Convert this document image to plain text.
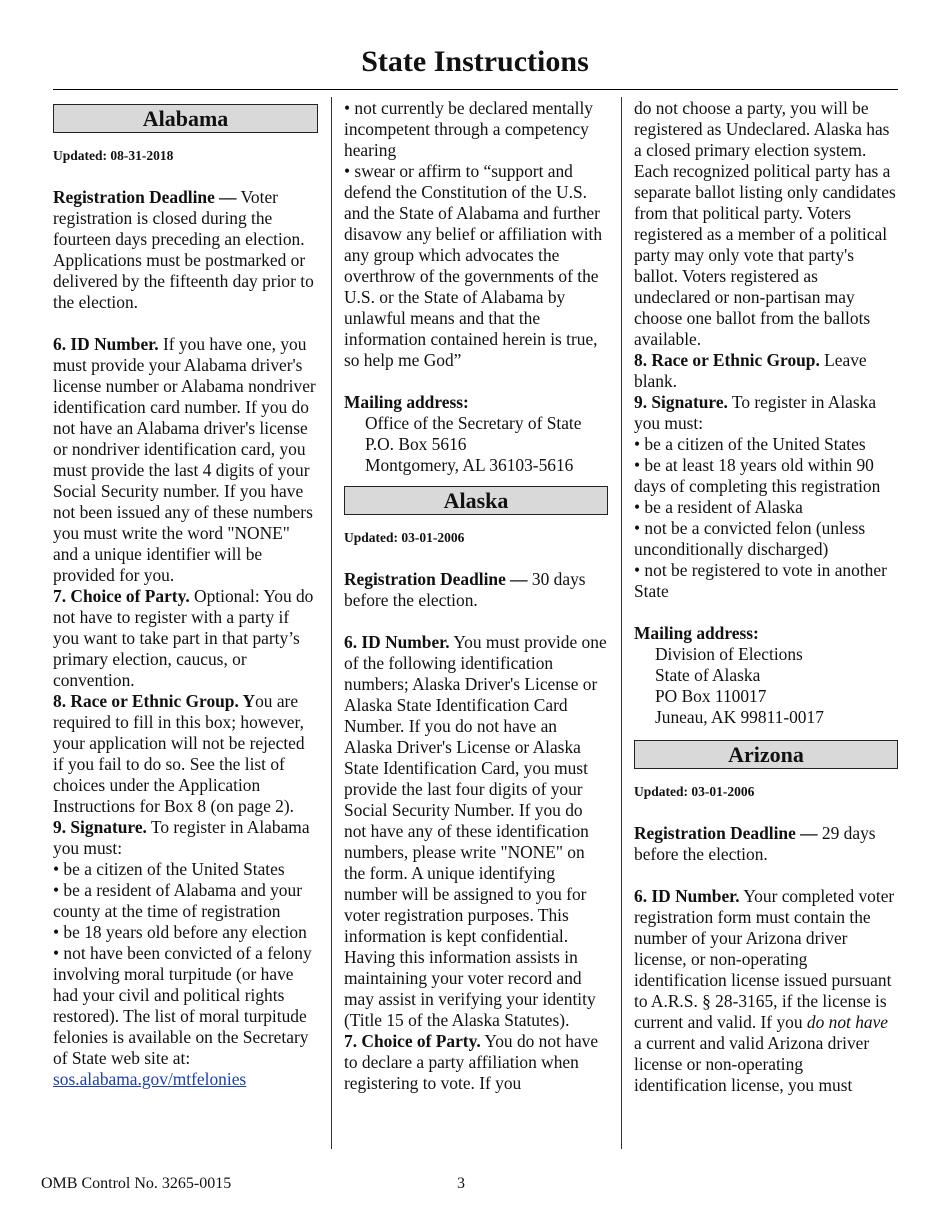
State Instructions
Alabama

Updated: 08-31-2018

Registration Deadline — Voter registration is closed during the fourteen days preceding an election. Applications must be postmarked or delivered by the fifteenth day prior to the election.

6. ID Number. If you have one, you must provide your Alabama driver's license number or Alabama nondriver identification card number. If you do not have an Alabama driver's license or nondriver identification card, you must provide the last 4 digits of your Social Security number. If you have not been issued any of these numbers you must write the word "NONE" and a unique identifier will be provided for you.

7. Choice of Party. Optional: You do not have to register with a party if you want to take part in that party’s primary election, caucus, or convention.

8. Race or Ethnic Group. You are required to fill in this box; however, your application will not be rejected if you fail to do so. See the list of choices under the Application Instructions for Box 8 (on page 2).

9. Signature. To register in Alabama you must:

• be a citizen of the United States

• be a resident of Alabama and your county at the time of registration

• be 18 years old before any election

• not have been convicted of a felony involving moral turpitude (or have had your civil and political rights restored). The list of moral turpitude felonies is available on the Secretary of State web site at:

sos.alabama.gov/mtfelonies

• not currently be declared mentally incompetent through a competency hearing

• swear or affirm to “support and defend the Constitution of the U.S. and the State of Alabama and further disavow any belief or affiliation with any group which advocates the overthrow of the governments of the U.S. or the State of Alabama by unlawful means and that the information contained herein is true, so help me God”

Mailing address:

Office of the Secretary of State

P.O. Box 5616

Montgomery, AL 36103-5616

Alaska

Updated: 03-01-2006

Registration Deadline — 30 days before the election.

6. ID Number. You must provide one of the following identification numbers; Alaska Driver's License or Alaska State Identification Card Number. If you do not have an Alaska Driver's License or Alaska State Identification Card, you must provide the last four digits of your Social Security Number. If you do not have any of these identification numbers, please write "NONE" on the form. A unique identifying number will be assigned to you for voter registration purposes. This information is kept confidential. Having this information assists in maintaining your voter record and may assist in verifying your identity (Title 15 of the Alaska Statutes).

7. Choice of Party. You do not have to declare a party affiliation when registering to vote. If you

do not choose a party, you will be registered as Undeclared. Alaska has a closed primary election system. Each recognized political party has a separate ballot listing only candidates from that political party. Voters registered as a member of a political party may only vote that party's ballot. Voters registered as undeclared or non-partisan may choose one ballot from the ballots available.

8. Race or Ethnic Group. Leave blank.

9. Signature. To register in Alaska you must:

• be a citizen of the United States

• be at least 18 years old within 90 days of completing this registration

• be a resident of Alaska

• not be a convicted felon (unless unconditionally discharged)

• not be registered to vote in another State

Mailing address:

Division of Elections

State of Alaska

PO Box 110017

Juneau, AK 99811-0017

Arizona

Updated: 03-01-2006

Registration Deadline — 29 days before the election.

6. ID Number. Your completed voter registration form must contain the number of your Arizona driver license, or non-operating identification license issued pursuant to A.R.S. § 28-3165, if the license is current and valid. If you do not have a current and valid Arizona driver license or non-operating identification license, you must

OMB Control No. 3265-0015	3
